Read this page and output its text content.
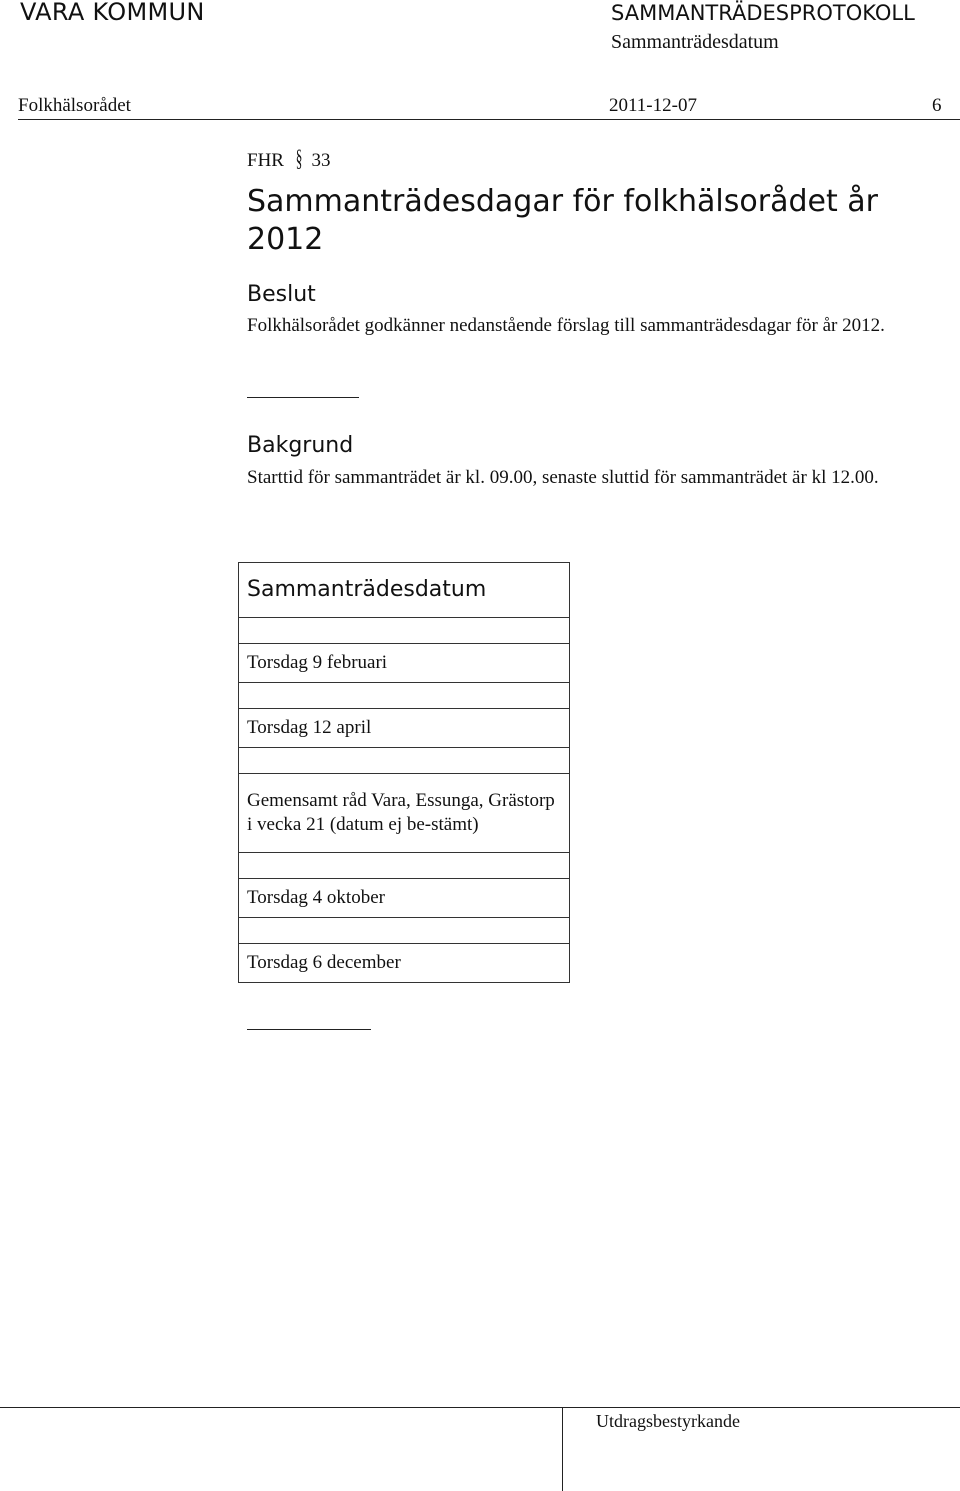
VARA KOMMUN	SAMMANTRÄDESPROTOKOLL
Sammanträdesdatum
Folkhälsorådet	2011-12-07	6
FHR § 33
Sammanträdesdagar för folkhälsorådet år 2012
Beslut
Folkhälsorådet godkänner nedanstående förslag till sammanträdesdagar för år 2012.
Bakgrund
Starttid för sammanträdet är kl. 09.00, senaste sluttid för sammanträdet är kl 12.00.
Sammanträdesdatum

Torsdag 9 februari

Torsdag 12 april

Gemensamt råd Vara, Essunga, Grästorp i vecka 21 (datum ej be-stämt)

Torsdag 4 oktober

Torsdag 6 december
Utdragsbestyrkande
